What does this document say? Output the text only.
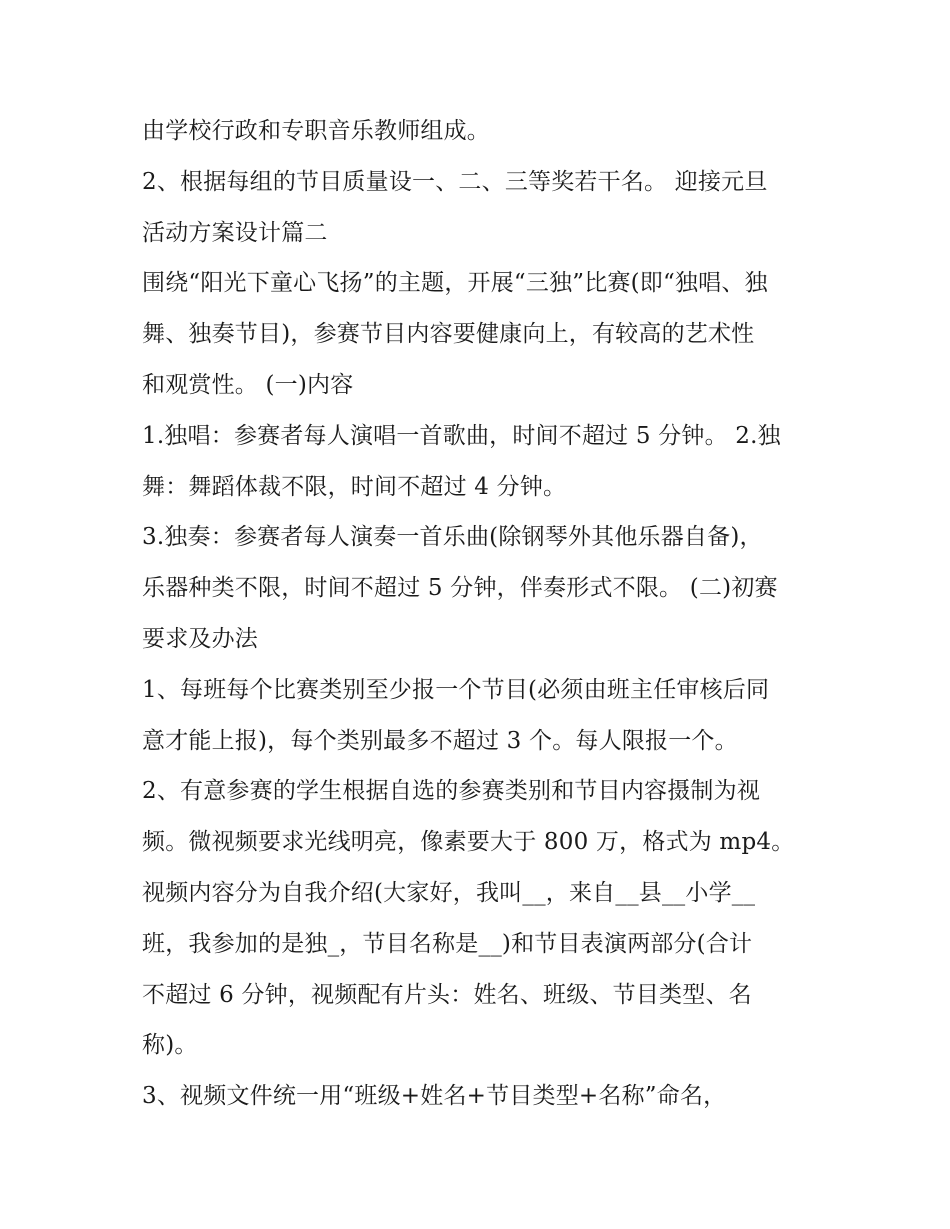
由学校行政和专职音乐教师组成。
2、根据每组的节目质量设一、二、三等奖若干名。 迎接元旦
活动方案设计篇二
围绕“阳光下童心飞扬”的主题，开展“三独”比赛(即“独唱、独
舞、独奏节目)，参赛节目内容要健康向上，有较高的艺术性
和观赏性。 (一)内容
1.独唱：参赛者每人演唱一首歌曲，时间不超过 5 分钟。 2.独
舞：舞蹈体裁不限，时间不超过 4 分钟。
3.独奏：参赛者每人演奏一首乐曲(除钢琴外其他乐器自备)，
乐器种类不限，时间不超过 5 分钟，伴奏形式不限。 (二)初赛
要求及办法
1、每班每个比赛类别至少报一个节目(必须由班主任审核后同
意才能上报)，每个类别最多不超过 3 个。每人限报一个。
2、有意参赛的学生根据自选的参赛类别和节目内容摄制为视
频。微视频要求光线明亮，像素要大于 800 万，格式为 mp4。
视频内容分为自我介绍(大家好，我叫__，来自__县__小学__
班，我参加的是独_，节目名称是__)和节目表演两部分(合计
不超过 6 分钟，视频配有片头：姓名、班级、节目类型、名
称)。
3、视频文件统一用“班级+姓名+节目类型+名称”命名，
